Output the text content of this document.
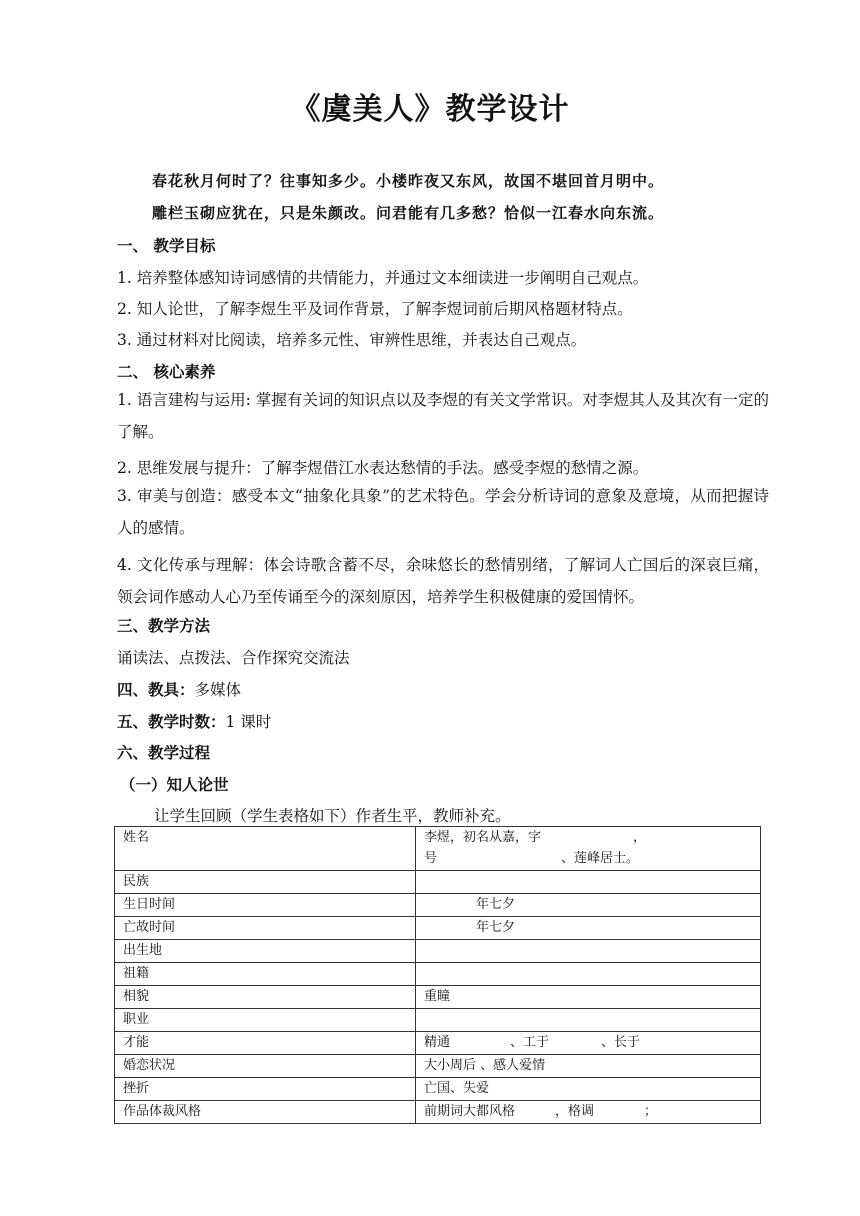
《虞美人》教学设计
春花秋月何时了？往事知多少。小楼昨夜又东风，故国不堪回首月明中。
雕栏玉砌应犹在，只是朱颜改。问君能有几多愁？恰似一江春水向东流。
一、 教学目标
1. 培养整体感知诗词感情的共情能力，并通过文本细读进一步阐明自己观点。
2. 知人论世，了解李煜生平及词作背景，了解李煜词前后期风格题材特点。
3. 通过材料对比阅读，培养多元性、审辨性思维，并表达自己观点。
二、 核心素养
1. 语言建构与运用: 掌握有关词的知识点以及李煜的有关文学常识。对李煜其人及其次有一定的了解。
2. 思维发展与提升：了解李煜借江水表达愁情的手法。感受李煜的愁情之源。
3. 审美与创造：感受本文“抽象化具象”的艺术特色。学会分析诗词的意象及意境，从而把握诗人的感情。
4. 文化传承与理解：体会诗歌含蓄不尽，余味悠长的愁情别绪，了解词人亡国后的深哀巨痛，领会词作感动人心乃至传诵至今的深刻原因，培养学生积极健康的爱国情怀。
三、教学方法
诵读法、点拨法、合作探究交流法
四、教具：多媒体
五、教学时数：1 课时
六、教学过程
（一）知人论世
让学生回顾（学生表格如下）作者生平，教师补充。
姓名	李煜，初名从嘉，字 ，
号 、莲峰居士。
民族	
生日时间	年七夕
亡故时间	年七夕
出生地	
祖籍	
相貌	重瞳
职业	
才能	精通 、工于 、长于
婚恋状况	大小周后 、感人爱情
挫折	亡国、失爱
作品体裁风格	前期词大都风格 ，格调 ；
